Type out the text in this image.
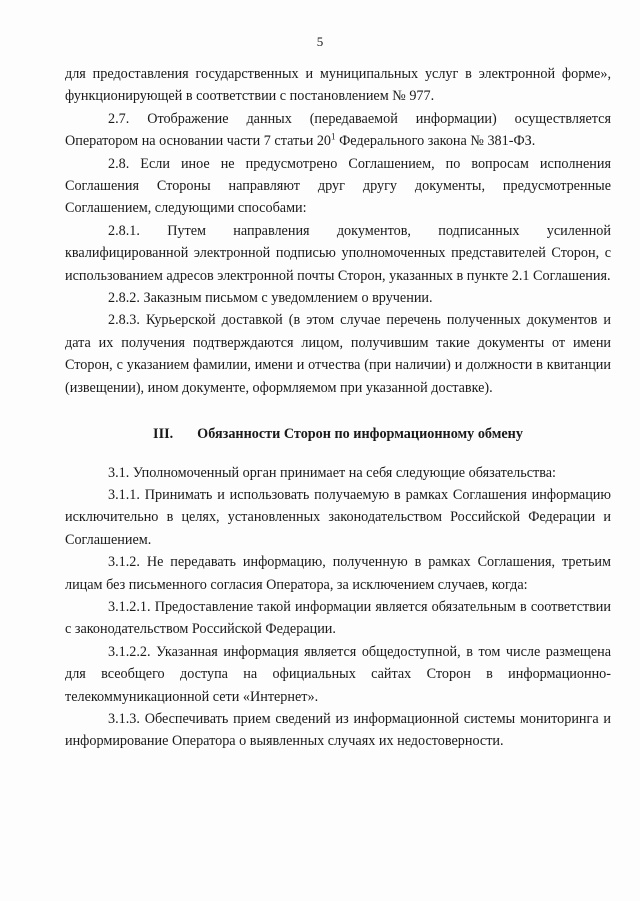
5

для предоставления государственных и муниципальных услуг в электронной форме», функционирующей в соответствии с постановлением № 977.

2.7. Отображение данных (передаваемой информации) осуществляется Оператором на основании части 7 статьи $20^1$ Федерального закона № 381-ФЗ.

2.8. Если иное не предусмотрено Соглашением, по вопросам исполнения Соглашения Стороны направляют друг другу документы, предусмотренные Соглашением, следующими способами:

2.8.1. Путем направления документов, подписанных усиленной квалифицированной электронной подписью уполномоченных представителей Сторон, с использованием адресов электронной почты Сторон, указанных в пункте 2.1 Соглашения.

2.8.2. Заказным письмом с уведомлением о вручении.

2.8.3. Курьерской доставкой (в этом случае перечень полученных документов и дата их получения подтверждаются лицом, получившим такие документы от имени Сторон, с указанием фамилии, имени и отчества (при наличии) и должности в квитанции (извещении), ином документе, оформляемом при указанной доставке).

III. Обязанности Сторон по информационному обмену

3.1. Уполномоченный орган принимает на себя следующие обязательства:

3.1.1. Принимать и использовать получаемую в рамках Соглашения информацию исключительно в целях, установленных законодательством Российской Федерации и Соглашением.

3.1.2. Не передавать информацию, полученную в рамках Соглашения, третьим лицам без письменного согласия Оператора, за исключением случаев, когда:

3.1.2.1. Предоставление такой информации является обязательным в соответствии с законодательством Российской Федерации.

3.1.2.2. Указанная информация является общедоступной, в том числе размещена для всеобщего доступа на официальных сайтах Сторон в информационно-телекоммуникационной сети «Интернет».

3.1.3. Обеспечивать прием сведений из информационной системы мониторинга и информирование Оператора о выявленных случаях их недостоверности.
